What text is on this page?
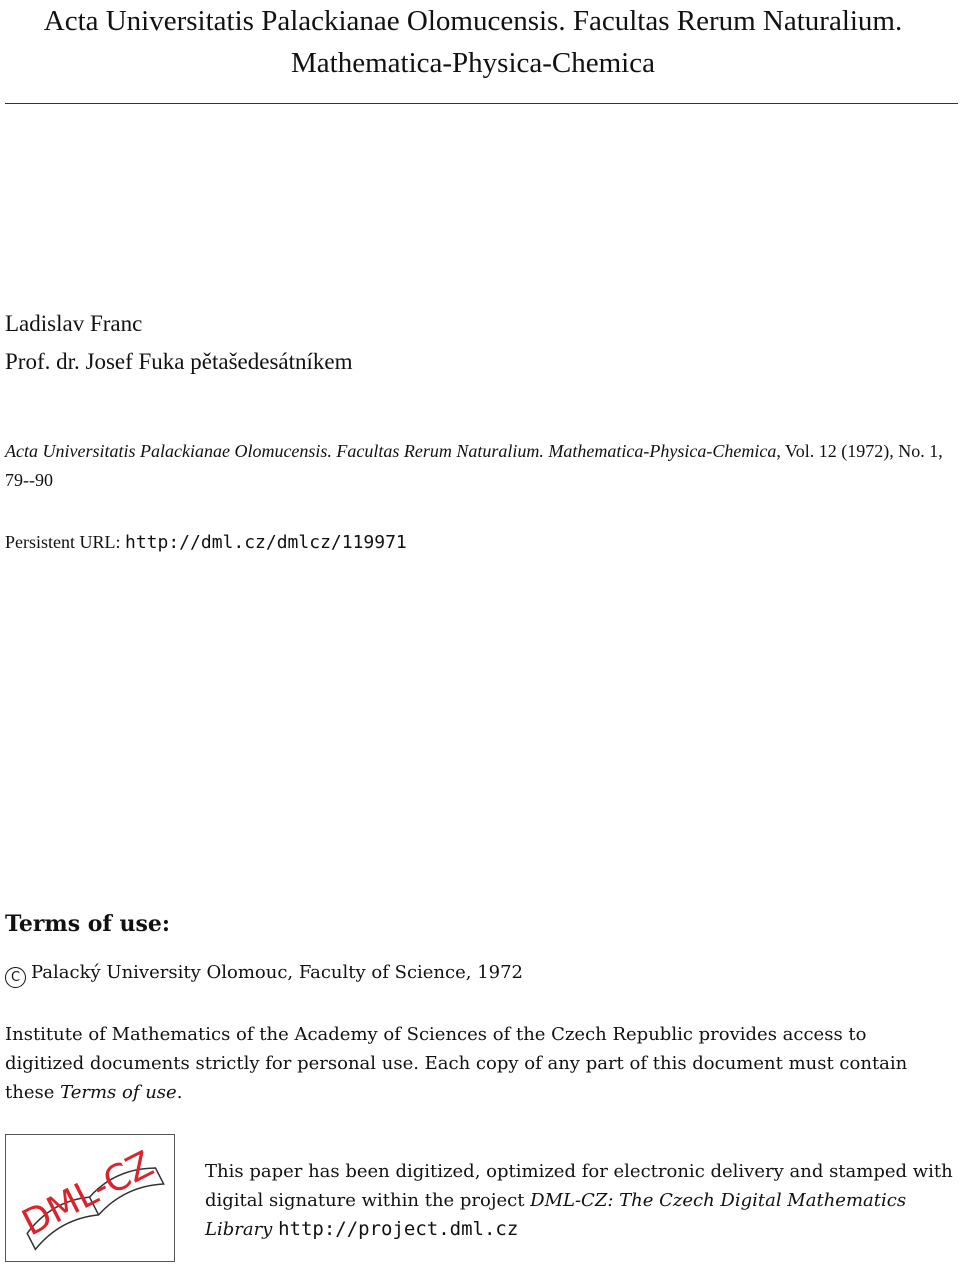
Acta Universitatis Palackianae Olomucensis. Facultas Rerum Naturalium. Mathematica-Physica-Chemica
Ladislav Franc
Prof. dr. Josef Fuka pětašedesátníkem
Acta Universitatis Palackianae Olomucensis. Facultas Rerum Naturalium. Mathematica-Physica-Chemica, Vol. 12 (1972), No. 1, 79--90
Persistent URL: http://dml.cz/dmlcz/119971
Terms of use:
C Palacký University Olomouc, Faculty of Science, 1972
Institute of Mathematics of the Academy of Sciences of the Czech Republic provides access to digitized documents strictly for personal use. Each copy of any part of this document must contain these Terms of use.
DML-CZ This paper has been digitized, optimized for electronic delivery and stamped with digital signature within the project DML-CZ: The Czech Digital Mathematics Library http://project.dml.cz
